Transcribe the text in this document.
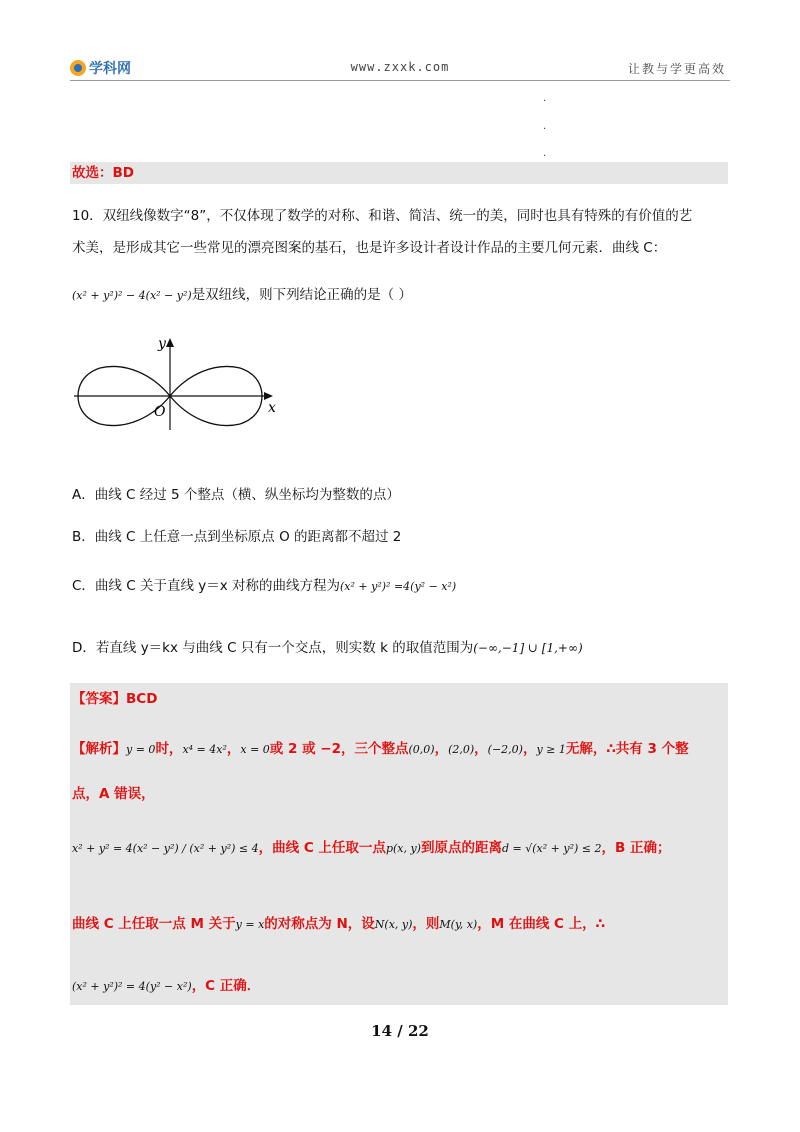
学科网	www.zxxk.com	让教与学更高效
.
.
.
故选：BD
10．双纽线像数字“8”，不仅体现了数学的对称、和谐、简洁、统一的美，同时也具有特殊的有价值的艺
术美，是形成其它一些常见的漂亮图案的基石，也是许多设计者设计作品的主要几何元素．曲线 C：
(x² + y²)² − 4(x² − y²)是双纽线，则下列结论正确的是（ ）
x
y
O
A．曲线 C 经过 5 个整点（横、纵坐标均为整数的点）
B．曲线 C 上任意一点到坐标原点 O 的距离都不超过 2
C．曲线 C 关于直线 y＝x 对称的曲线方程为(x² + y²)² =4(y² − x²)
D．若直线 y＝kx 与曲线 C 只有一个交点，则实数 k 的取值范围为(−∞,−1] ∪ [1,+∞)
【答案】BCD
【解析】y = 0时，x⁴ = 4x²，x = 0或 2 或 −2，三个整点(0,0)，(2,0)，(−2,0)，y ≥ 1无解，∴共有 3 个整
点，A 错误，
x² + y² = 4(x² − y²) / (x² + y²) ≤ 4，曲线 C 上任取一点p(x, y)到原点的距离d = √(x² + y²) ≤ 2，B 正确；
曲线 C 上任取一点 M 关于y = x的对称点为 N，设N(x, y)，则M(y, x)，M 在曲线 C 上，∴
(x² + y²)² = 4(y² − x²)，C 正确．
14 / 22
